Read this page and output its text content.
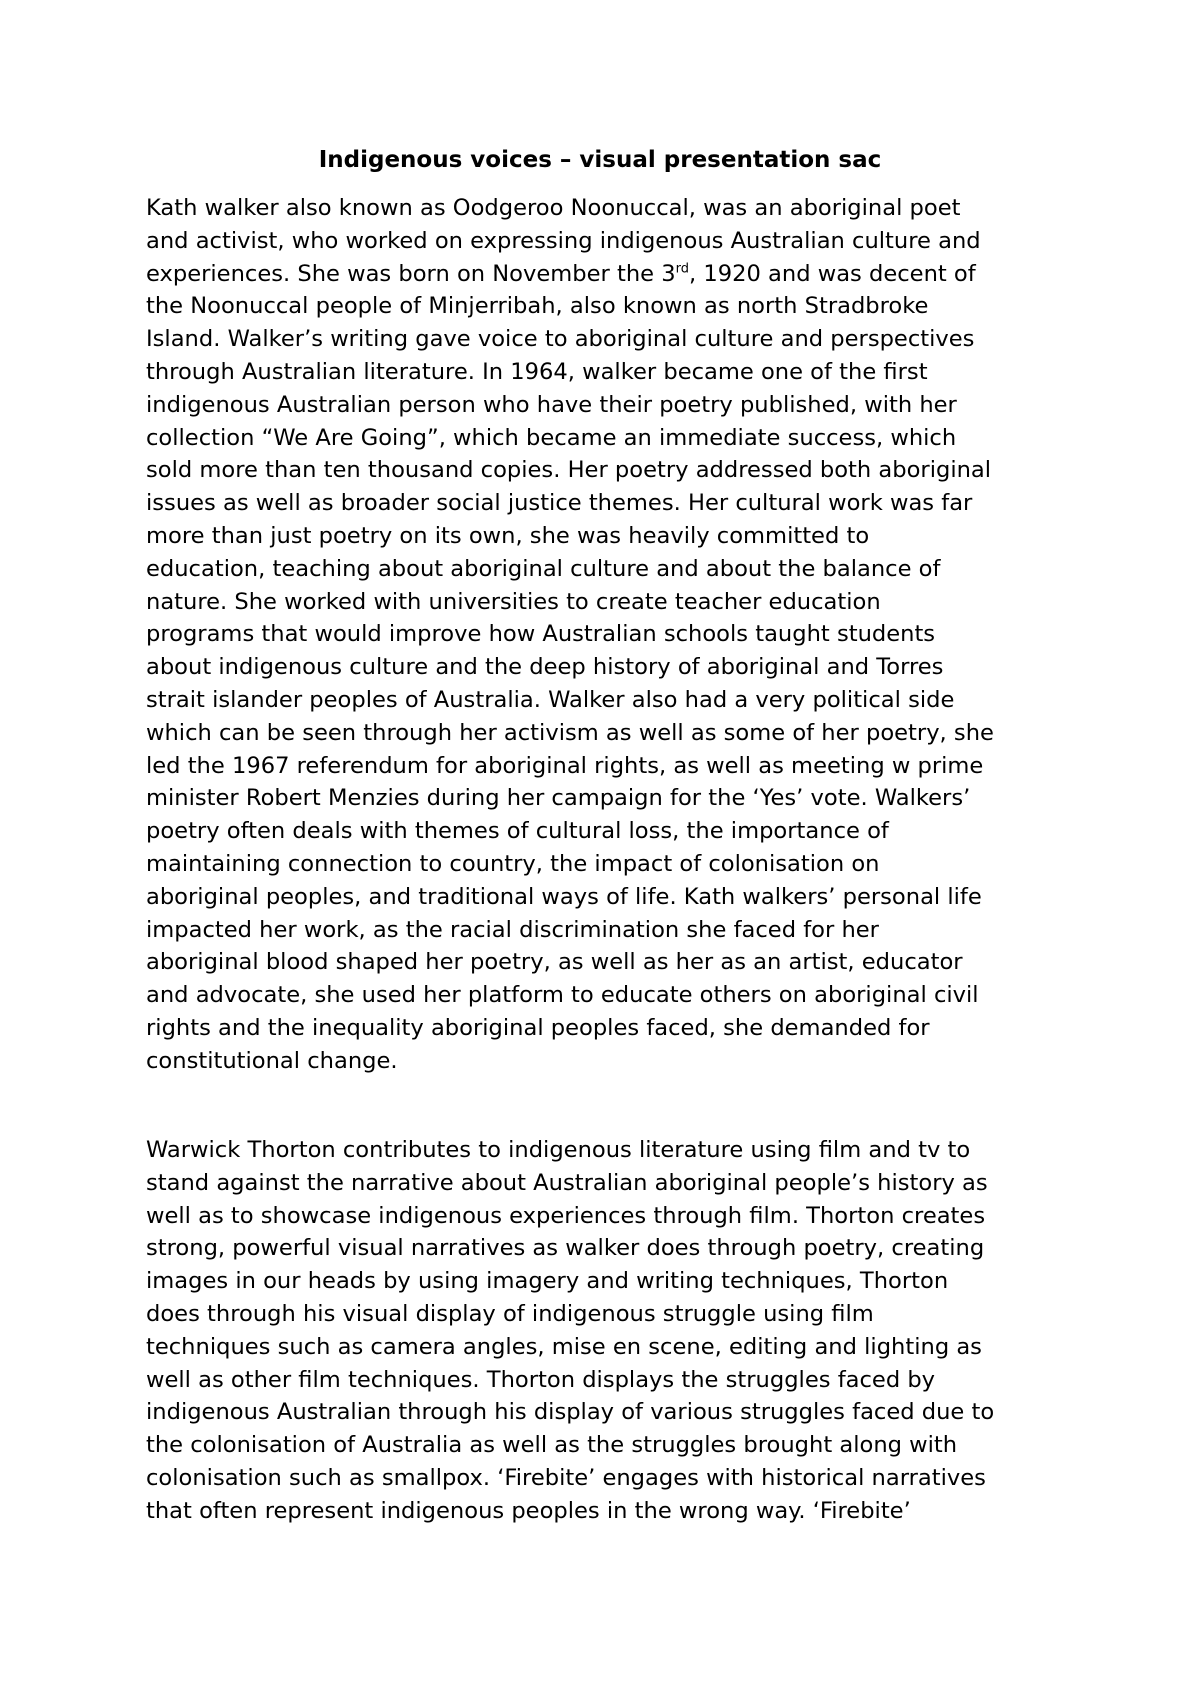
Indigenous voices – visual presentation sac
Kath walker also known as Oodgeroo Noonuccal, was an aboriginal poet
and activist, who worked on expressing indigenous Australian culture and
experiences. She was born on November the 3rd, 1920 and was decent of
the Noonuccal people of Minjerribah, also known as north Stradbroke
Island. Walker’s writing gave voice to aboriginal culture and perspectives
through Australian literature. In 1964, walker became one of the first
indigenous Australian person who have their poetry published, with her
collection “We Are Going”, which became an immediate success, which
sold more than ten thousand copies. Her poetry addressed both aboriginal
issues as well as broader social justice themes. Her cultural work was far
more than just poetry on its own, she was heavily committed to
education, teaching about aboriginal culture and about the balance of
nature. She worked with universities to create teacher education
programs that would improve how Australian schools taught students
about indigenous culture and the deep history of aboriginal and Torres
strait islander peoples of Australia. Walker also had a very political side
which can be seen through her activism as well as some of her poetry, she
led the 1967 referendum for aboriginal rights, as well as meeting w prime
minister Robert Menzies during her campaign for the ‘Yes’ vote. Walkers’
poetry often deals with themes of cultural loss, the importance of
maintaining connection to country, the impact of colonisation on
aboriginal peoples, and traditional ways of life. Kath walkers’ personal life
impacted her work, as the racial discrimination she faced for her
aboriginal blood shaped her poetry, as well as her as an artist, educator
and advocate, she used her platform to educate others on aboriginal civil
rights and the inequality aboriginal peoples faced, she demanded for
constitutional change.
Warwick Thorton contributes to indigenous literature using film and tv to
stand against the narrative about Australian aboriginal people’s history as
well as to showcase indigenous experiences through film. Thorton creates
strong, powerful visual narratives as walker does through poetry, creating
images in our heads by using imagery and writing techniques, Thorton
does through his visual display of indigenous struggle using film
techniques such as camera angles, mise en scene, editing and lighting as
well as other film techniques. Thorton displays the struggles faced by
indigenous Australian through his display of various struggles faced due to
the colonisation of Australia as well as the struggles brought along with
colonisation such as smallpox. ‘Firebite’ engages with historical narratives
that often represent indigenous peoples in the wrong way. ‘Firebite’
